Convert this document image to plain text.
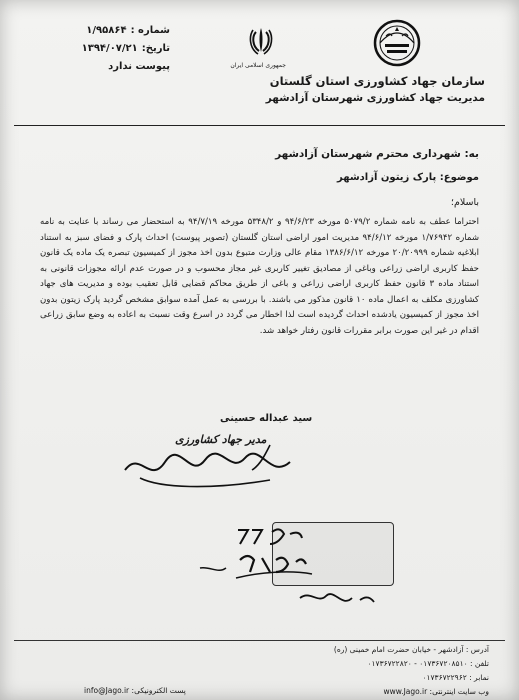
شماره :
۱/۹۵۸۶۴
تاریخ:
۱۳۹۴/۰۷/۲۱
پیوست ندارد	جمهوری اسلامی ایران
سازمان جهاد کشاورزی استان گلستان
مدیریت جهاد کشاورزی شهرستان آزادشهر
به: شهرداری محترم شهرستان آزادشهر
موضوع: پارک زیتون آزادشهر
باسلام؛
احتراما عطف به نامه شماره ۵۰۷۹/۲ مورخه ۹۴/۶/۲۳ و ۵۳۴۸/۲ مورخه ۹۴/۷/۱۹ به استحضار می رساند با عنایت به نامه شماره ۱/۷۶۹۴۲ مورخه ۹۴/۶/۱۲ مدیریت امور اراضی استان گلستان (تصویر پیوست) احداث پارک و فضای سبز به استناد ابلاغیه شماره ۲۰/۲۰۹۹۹ مورخه ۱۳۸۶/۶/۱۲ مقام عالی وزارت متبوع بدون اخذ مجوز از کمیسیون تبصره یک ماده یک قانون حفظ کاربری اراضی زراعی وباغی از مصادیق تغییر کاربری غیر مجاز محسوب و در صورت عدم ارائه مجوزات قانونی به استناد ماده ۳ قانون حفظ کاربری اراضی زراعی و باغی از طریق محاکم قضایی قابل تعقیب بوده و مدیریت های جهاد کشاورزی مکلف به اعمال ماده ۱۰ قانون مذکور می باشند. با بررسی به عمل آمده سوابق مشخص گردید پارک زیتون بدون اخذ مجوز از کمیسیون یادشده احداث گردیده است لذا اخطار می گردد در اسرع وقت نسبت به اعاده به وضع سابق زراعی اقدام در غیر این صورت برابر مقررات قانون رفتار خواهد شد.
سید عبداله حسینی
مدیر جهاد کشاورزی
آدرس : آزادشهر - خیابان حضرت امام خمینی (ره)
تلفن : ۰۱۷۳۶۷۲۰۸۵۱۰ - ۰۱۷۳۶۷۲۲۸۲۰
نمابر : ۰۱۷۳۶۷۲۲۹۶۲
وب سایت اینترنتی: www.Jago.ir
info@Jago.ir پست الکترونیکی:
